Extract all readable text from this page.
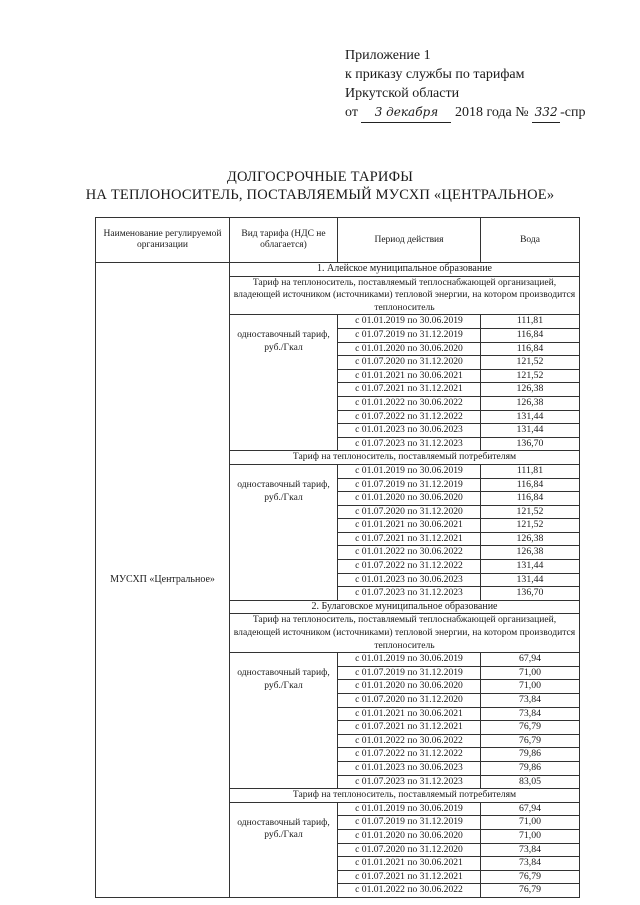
Приложение 1
к приказу службы по тарифам
Иркутской области
от 3 декабря 2018 года № 332 -спр
ДОЛГОСРОЧНЫЕ ТАРИФЫ
НА ТЕПЛОНОСИТЕЛЬ, ПОСТАВЛЯЕМЫЙ МУСХП «ЦЕНТРАЛЬНОЕ»
Наименование регулируемой организации	Вид тарифа (НДС не облагается)	Период действия	Вода
МУСХП «Центральное»	1. Алейское муниципальное образование		
	Тариф на теплоноситель, поставляемый теплоснабжающей организацией, владеющей источником (источниками) тепловой энергии, на котором производится теплоноситель		
	одноставочный тариф, руб./Гкал	с 01.01.2019 по 30.06.2019	111,81
		с 01.07.2019 по 31.12.2019	116,84
		с 01.01.2020 по 30.06.2020	116,84
		с 01.07.2020 по 31.12.2020	121,52
		с 01.01.2021 по 30.06.2021	121,52
		с 01.07.2021 по 31.12.2021	126,38
		с 01.01.2022 по 30.06.2022	126,38
		с 01.07.2022 по 31.12.2022	131,44
		с 01.01.2023 по 30.06.2023	131,44
		с 01.07.2023 по 31.12.2023	136,70
	Тариф на теплоноситель, поставляемый потребителям		
	одноставочный тариф, руб./Гкал	с 01.01.2019 по 30.06.2019	111,81
		с 01.07.2019 по 31.12.2019	116,84
		с 01.01.2020 по 30.06.2020	116,84
		с 01.07.2020 по 31.12.2020	121,52
		с 01.01.2021 по 30.06.2021	121,52
		с 01.07.2021 по 31.12.2021	126,38
		с 01.01.2022 по 30.06.2022	126,38
		с 01.07.2022 по 31.12.2022	131,44
		с 01.01.2023 по 30.06.2023	131,44
		с 01.07.2023 по 31.12.2023	136,70
	2. Булаговское муниципальное образование		
	Тариф на теплоноситель, поставляемый теплоснабжающей организацией, владеющей источником (источниками) тепловой энергии, на котором производится теплоноситель		
	одноставочный тариф, руб./Гкал	с 01.01.2019 по 30.06.2019	67,94
		с 01.07.2019 по 31.12.2019	71,00
		с 01.01.2020 по 30.06.2020	71,00
		с 01.07.2020 по 31.12.2020	73,84
		с 01.01.2021 по 30.06.2021	73,84
		с 01.07.2021 по 31.12.2021	76,79
		с 01.01.2022 по 30.06.2022	76,79
		с 01.07.2022 по 31.12.2022	79,86
		с 01.01.2023 по 30.06.2023	79,86
		с 01.07.2023 по 31.12.2023	83,05
	Тариф на теплоноситель, поставляемый потребителям		
	одноставочный тариф, руб./Гкал	с 01.01.2019 по 30.06.2019	67,94
		с 01.07.2019 по 31.12.2019	71,00
		с 01.01.2020 по 30.06.2020	71,00
		с 01.07.2020 по 31.12.2020	73,84
		с 01.01.2021 по 30.06.2021	73,84
		с 01.07.2021 по 31.12.2021	76,79
		с 01.01.2022 по 30.06.2022	76,79
